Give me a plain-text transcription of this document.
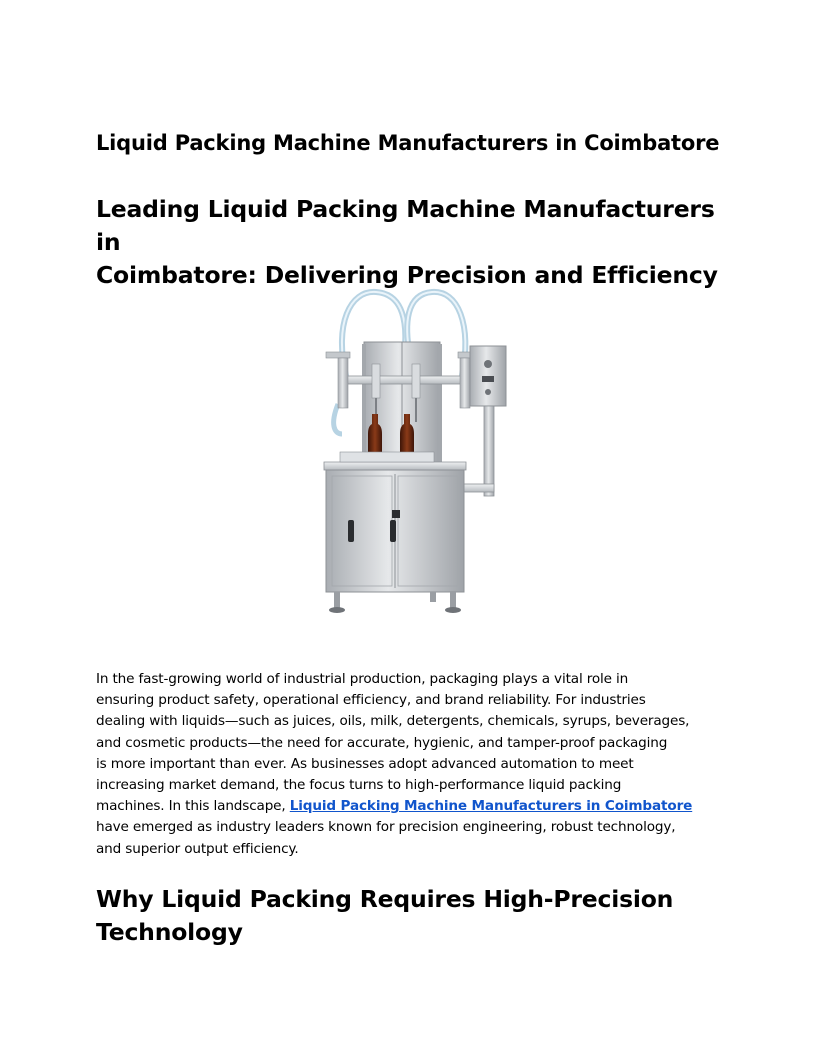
Liquid Packing Machine Manufacturers in Coimbatore
Leading Liquid Packing Machine Manufacturers in
Coimbatore: Delivering Precision and Efficiency

In the fast-growing world of industrial production, packaging plays a vital role in
ensuring product safety, operational efficiency, and brand reliability. For industries
dealing with liquids—such as juices, oils, milk, detergents, chemicals, syrups, beverages,
and cosmetic products—the need for accurate, hygienic, and tamper-proof packaging
is more important than ever. As businesses adopt advanced automation to meet
increasing market demand, the focus turns to high-performance liquid packing
machines. In this landscape, Liquid Packing Machine Manufacturers in Coimbatore
have emerged as industry leaders known for precision engineering, robust technology,
and superior output efficiency.

Why Liquid Packing Requires High-Precision
Technology
